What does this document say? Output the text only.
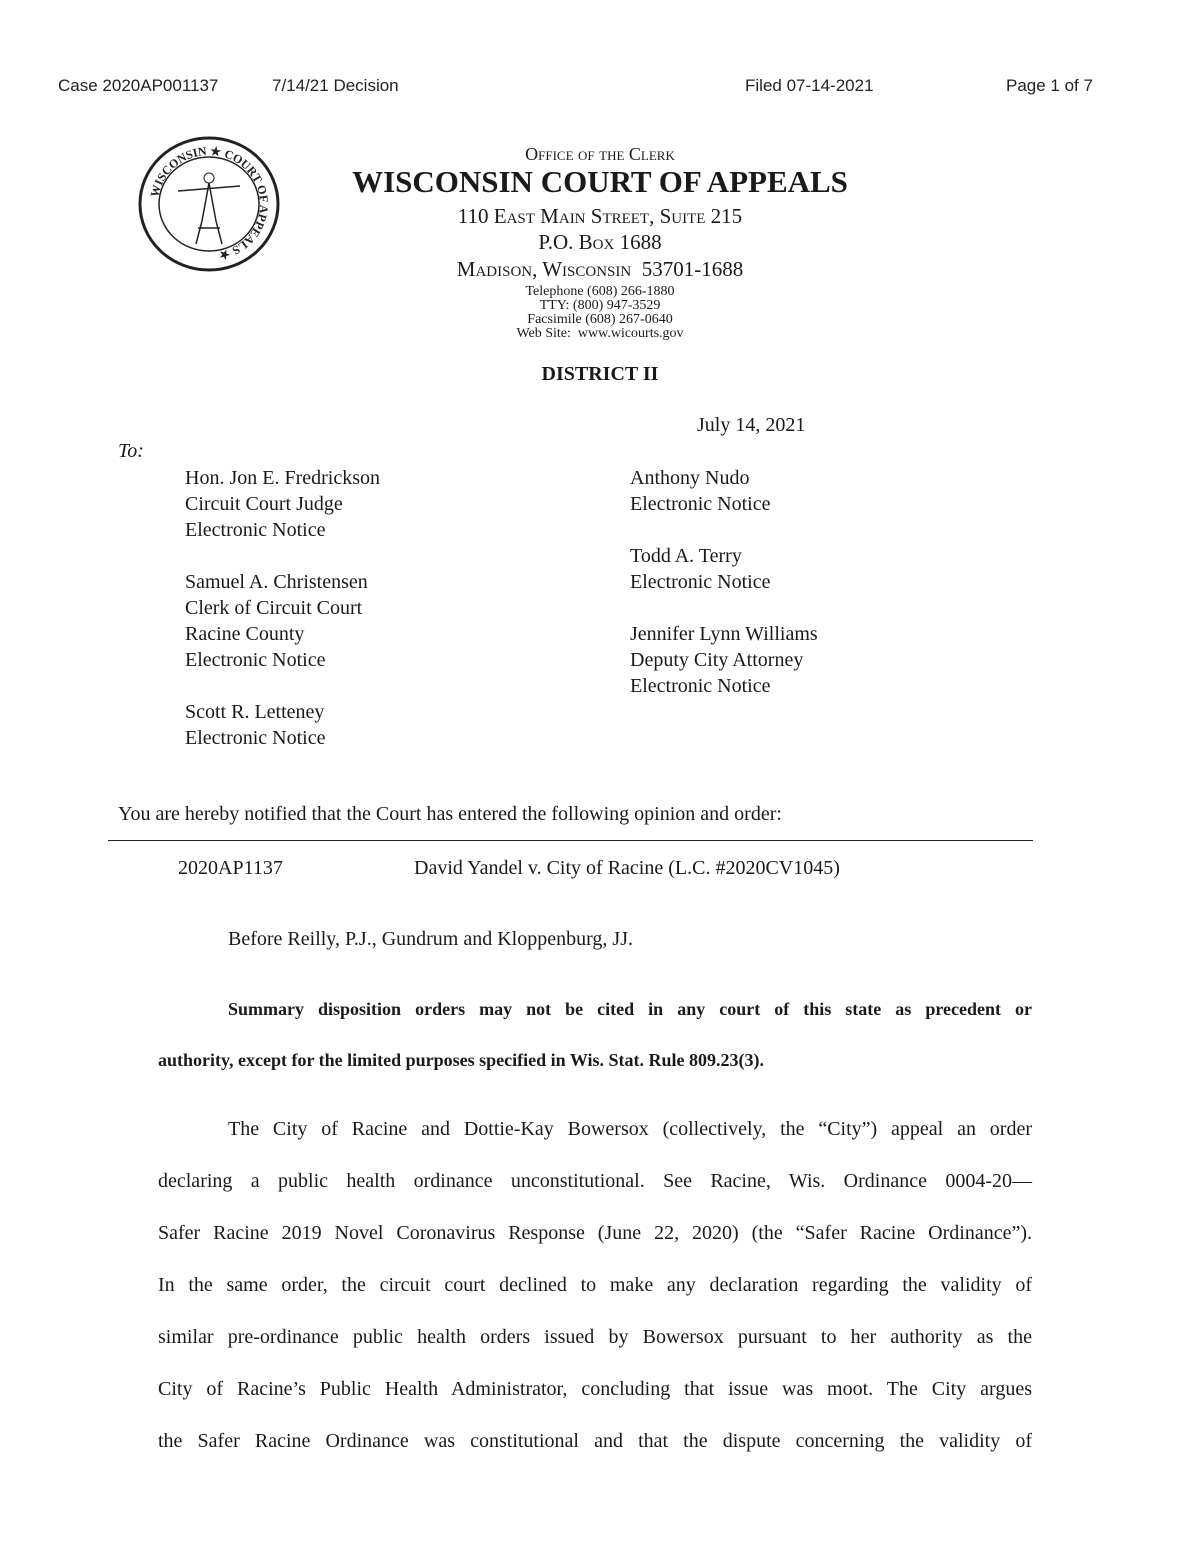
Case 2020AP001137	7/14/21 Decision	Filed 07-14-2021	Page 1 of 7
WISCONSIN ★ COURT OF APPEALS ★
Office of the Clerk
WISCONSIN COURT OF APPEALS
110 East Main Street, Suite 215
P.O. Box 1688
Madison, Wisconsin  53701-1688
Telephone (608) 266-1880
TTY: (800) 947-3529
Facsimile (608) 267-0640
Web Site:  www.wicourts.gov
DISTRICT II
July 14, 2021
To:
Hon. Jon E. Fredrickson
Circuit Court Judge
Electronic Notice
Samuel A. Christensen
Clerk of Circuit Court
Racine County
Electronic Notice
Scott R. Letteney
Electronic Notice
Anthony Nudo
Electronic Notice
Todd A. Terry
Electronic Notice
Jennifer Lynn Williams
Deputy City Attorney
Electronic Notice
You are hereby notified that the Court has entered the following opinion and order:
2020AP1137	David Yandel v. City of Racine (L.C. #2020CV1045)
Before Reilly, P.J., Gundrum and Kloppenburg, JJ.
Summary disposition orders may not be cited in any court of this state as precedent or
authority, except for the limited purposes specified in Wis. Stat. Rule 809.23(3).
The City of Racine and Dottie-Kay Bowersox (collectively, the “City”) appeal an order
declaring a public health ordinance unconstitutional. See Racine, Wis. Ordinance 0004-20—
Safer Racine 2019 Novel Coronavirus Response (June 22, 2020) (the “Safer Racine Ordinance”).
In the same order, the circuit court declined to make any declaration regarding the validity of
similar pre-ordinance public health orders issued by Bowersox pursuant to her authority as the
City of Racine’s Public Health Administrator, concluding that issue was moot. The City argues
the Safer Racine Ordinance was constitutional and that the dispute concerning the validity of
